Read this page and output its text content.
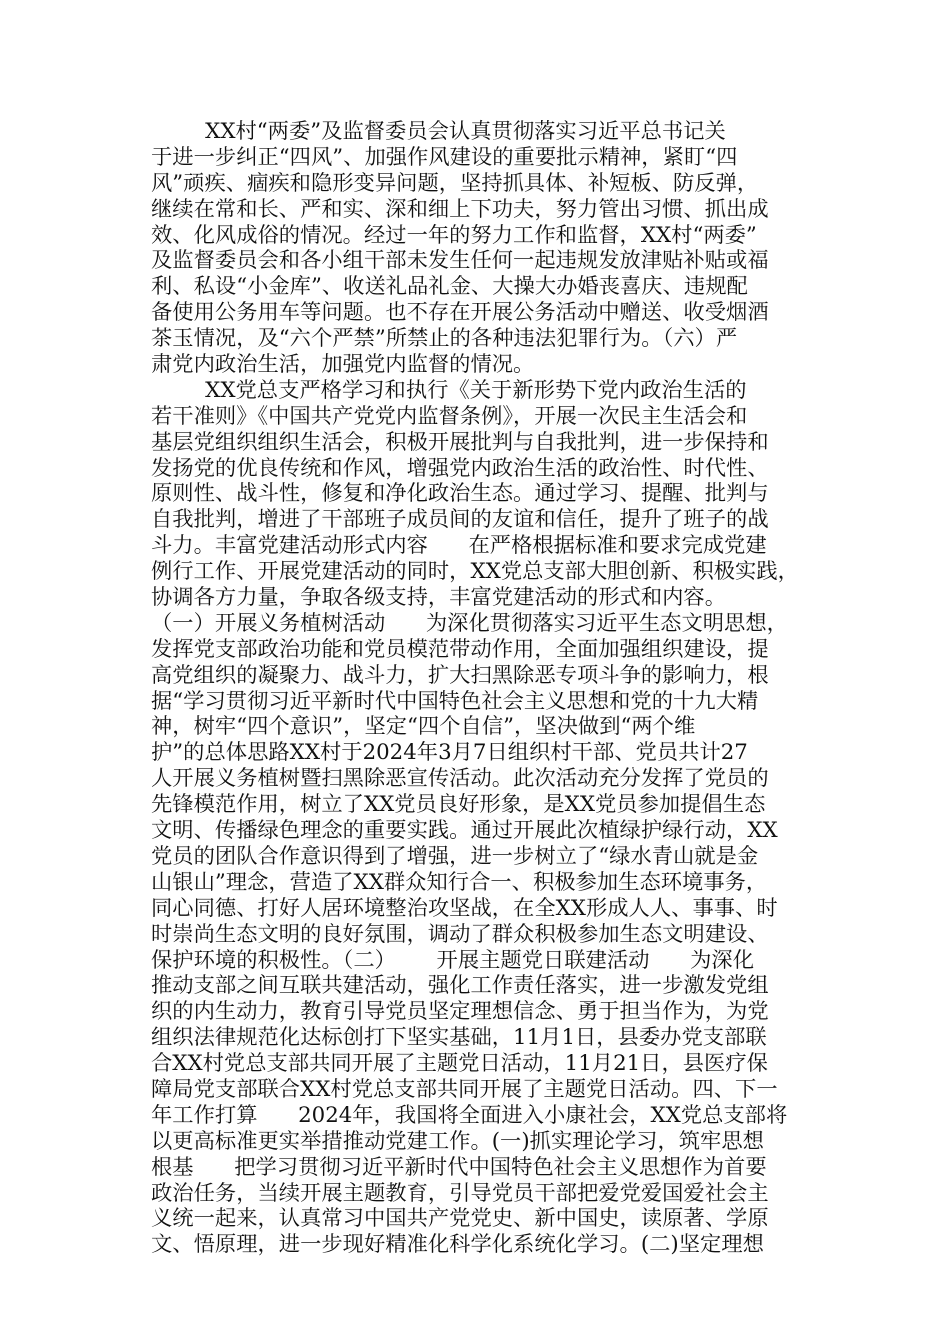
XX村“两委”及监督委员会认真贯彻落实习近平总书记关
于进一步纠正“四风”、加强作风建设的重要批示精神，紧盯“四
风”顽疾、痼疾和隐形变异问题，坚持抓具体、补短板、防反弹，
继续在常和长、严和实、深和细上下功夫，努力管出习惯、抓出成
效、化风成俗的情况。经过一年的努力工作和监督，XX村“两委”
及监督委员会和各小组干部未发生任何一起违规发放津贴补贴或福
利、私设“小金库”、收送礼品礼金、大操大办婚丧喜庆、违规配
备使用公务用车等问题。也不存在开展公务活动中赠送、收受烟酒
茶玉情况，及“六个严禁”所禁止的各种违法犯罪行为。（六）严
肃党内政治生活，加强党内监督的情况。
XX党总支严格学习和执行《关于新形势下党内政治生活的
若干准则》《中国共产党党内监督条例》，开展一次民主生活会和
基层党组织组织生活会，积极开展批判与自我批判，进一步保持和
发扬党的优良传统和作风，增强党内政治生活的政治性、时代性、
原则性、战斗性，修复和净化政治生态。通过学习、提醒、批判与
自我批判，增进了干部班子成员间的友谊和信任，提升了班子的战
斗力。丰富党建活动形式内容      在严格根据标准和要求完成党建
例行工作、开展党建活动的同时，XX党总支部大胆创新、积极实践，
协调各方力量，争取各级支持，丰富党建活动的形式和内容。
（一）开展义务植树活动      为深化贯彻落实习近平生态文明思想，
发挥党支部政治功能和党员模范带动作用，全面加强组织建设，提
高党组织的凝聚力、战斗力，扩大扫黑除恶专项斗争的影响力，根
据“学习贯彻习近平新时代中国特色社会主义思想和党的十九大精
神，树牢“四个意识”，坚定“四个自信”，坚决做到“两个维
护”的总体思路XX村于2024年3月7日组织村干部、党员共计27
人开展义务植树暨扫黑除恶宣传活动。此次活动充分发挥了党员的
先锋模范作用，树立了XX党员良好形象，是XX党员参加提倡生态
文明、传播绿色理念的重要实践。通过开展此次植绿护绿行动，XX
党员的团队合作意识得到了增强，进一步树立了“绿水青山就是金
山银山”理念，营造了XX群众知行合一、积极参加生态环境事务，
同心同德、打好人居环境整治攻坚战，在全XX形成人人、事事、时
时崇尚生态文明的良好氛围，调动了群众积极参加生态文明建设、
保护环境的积极性。（二）      开展主题党日联建活动      为深化
推动支部之间互联共建活动，强化工作责任落实，进一步激发党组
织的内生动力，教育引导党员坚定理想信念、勇于担当作为，为党
组织法律规范化达标创打下坚实基础，11月1日，县委办党支部联
合XX村党总支部共同开展了主题党日活动，11月21日，县医疗保
障局党支部联合XX村党总支部共同开展了主题党日活动。四、下一
年工作打算      2024年，我国将全面进入小康社会，XX党总支部将
以更高标准更实举措推动党建工作。(一)抓实理论学习，筑牢思想
根基      把学习贯彻习近平新时代中国特色社会主义思想作为首要
政治任务，当续开展主题教育，引导党员干部把爱党爱国爱社会主
义统一起来，认真常习中国共产党党史、新中国史，读原著、学原
文、悟原理，进一步现好精准化科学化系统化学习。(二)坚定理想
